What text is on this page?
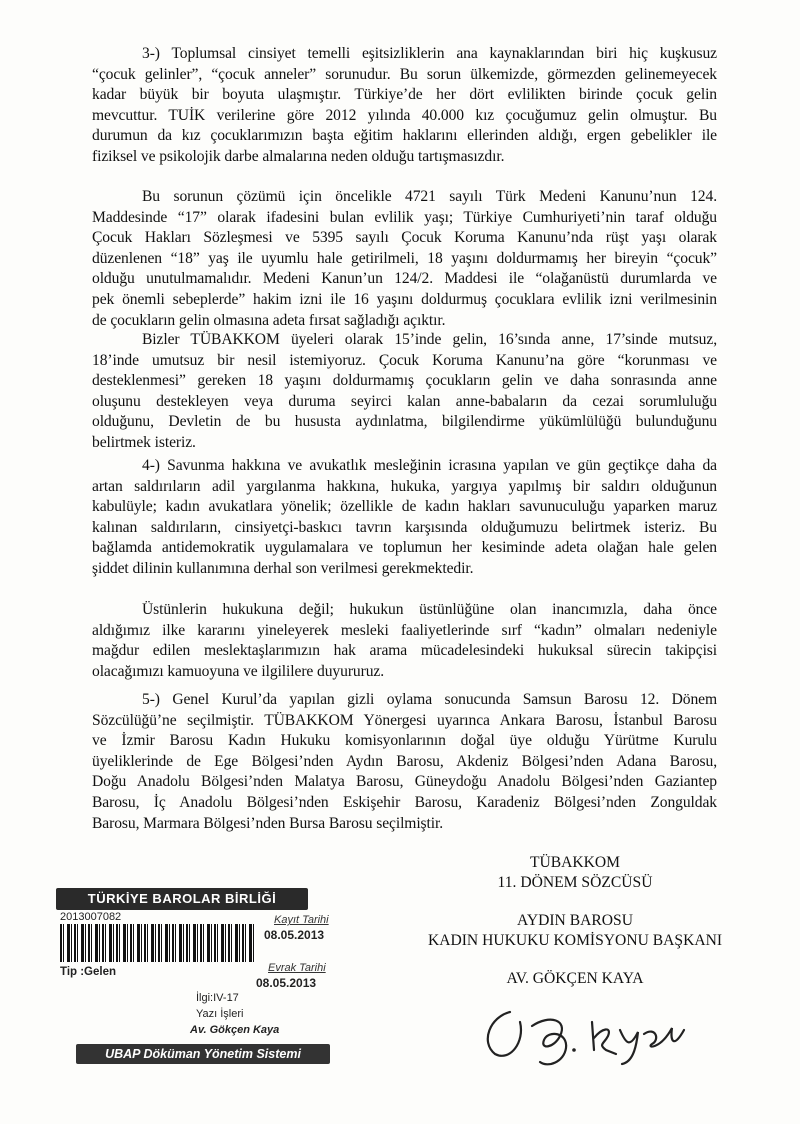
3-) Toplumsal cinsiyet temelli eşitsizliklerin ana kaynaklarından biri hiç kuşkusuz
“çocuk gelinler”, “çocuk anneler” sorunudur. Bu sorun ülkemizde, görmezden gelinemeyecek
kadar büyük bir boyuta ulaşmıştır. Türkiye’de her dört evlilikten birinde çocuk gelin
mevcuttur. TUİK verilerine göre 2012 yılında 40.000 kız çocuğumuz gelin olmuştur. Bu
durumun da kız çocuklarımızın başta eğitim haklarını ellerinden aldığı, ergen gebelikler ile
fiziksel ve psikolojik darbe almalarına neden olduğu tartışmasızdır.
Bu sorunun çözümü için öncelikle 4721 sayılı Türk Medeni Kanunu’nun 124.
Maddesinde “17” olarak ifadesini bulan evlilik yaşı; Türkiye Cumhuriyeti’nin taraf olduğu
Çocuk Hakları Sözleşmesi ve 5395 sayılı Çocuk Koruma Kanunu’nda rüşt yaşı olarak
düzenlenen “18” yaş ile uyumlu hale getirilmeli, 18 yaşını doldurmamış her bireyin “çocuk”
olduğu unutulmamalıdır. Medeni Kanun’un 124/2. Maddesi ile “olağanüstü durumlarda ve
pek önemli sebeplerde” hakim izni ile 16 yaşını doldurmuş çocuklara evlilik izni verilmesinin
de çocukların gelin olmasına adeta fırsat sağladığı açıktır.
Bizler TÜBAKKOM üyeleri olarak 15’inde gelin, 16’sında anne, 17’sinde mutsuz,
18’inde umutsuz bir nesil istemiyoruz. Çocuk Koruma Kanunu’na göre “korunması ve
desteklenmesi” gereken 18 yaşını doldurmamış çocukların gelin ve daha sonrasında anne
oluşunu destekleyen veya duruma seyirci kalan anne-babaların da cezai sorumluluğu
olduğunu, Devletin de bu hususta aydınlatma, bilgilendirme yükümlülüğü bulunduğunu
belirtmek isteriz.
4-) Savunma hakkına ve avukatlık mesleğinin icrasına yapılan ve gün geçtikçe daha da
artan saldırıların adil yargılanma hakkına, hukuka, yargıya yapılmış bir saldırı olduğunun
kabulüyle; kadın avukatlara yönelik; özellikle de kadın hakları savunuculuğu yaparken maruz
kalınan saldırıların, cinsiyetçi-baskıcı tavrın karşısında olduğumuzu belirtmek isteriz. Bu
bağlamda antidemokratik uygulamalara ve toplumun her kesiminde adeta olağan hale gelen
şiddet dilinin kullanımına derhal son verilmesi gerekmektedir.
Üstünlerin hukukuna değil; hukukun üstünlüğüne olan inancımızla, daha önce
aldığımız ilke kararını yineleyerek mesleki faaliyetlerinde sırf “kadın” olmaları nedeniyle
mağdur edilen meslektaşlarımızın hak arama mücadelesindeki hukuksal sürecin takipçisi
olacağımızı kamuoyuna ve ilgililere duyururuz.
5-) Genel Kurul’da yapılan gizli oylama sonucunda Samsun Barosu 12. Dönem
Sözcülüğü’ne seçilmiştir. TÜBAKKOM Yönergesi uyarınca Ankara Barosu, İstanbul Barosu
ve İzmir Barosu Kadın Hukuku komisyonlarının doğal üye olduğu Yürütme Kurulu
üyeliklerinde de Ege Bölgesi’nden Aydın Barosu, Akdeniz Bölgesi’nden Adana Barosu,
Doğu Anadolu Bölgesi’nden Malatya Barosu, Güneydoğu Anadolu Bölgesi’nden Gaziantep
Barosu, İç Anadolu Bölgesi’nden Eskişehir Barosu, Karadeniz Bölgesi’nden Zonguldak
Barosu, Marmara Bölgesi’nden Bursa Barosu seçilmiştir.
TÜBAKKOM
11. DÖNEM SÖZCÜSÜ
AYDIN BAROSU
KADIN HUKUKU KOMİSYONU BAŞKANI
AV. GÖKÇEN KAYA
TÜRKİYE BAROLAR BİRLİĞİ
2013007082	Kayıt Tarihi
08.05.2013
Tip :Gelen	Evrak Tarihi
08.05.2013
İlgi:IV-17
Yazı İşleri
Av. Gökçen Kaya
UBAP Döküman Yönetim Sistemi
